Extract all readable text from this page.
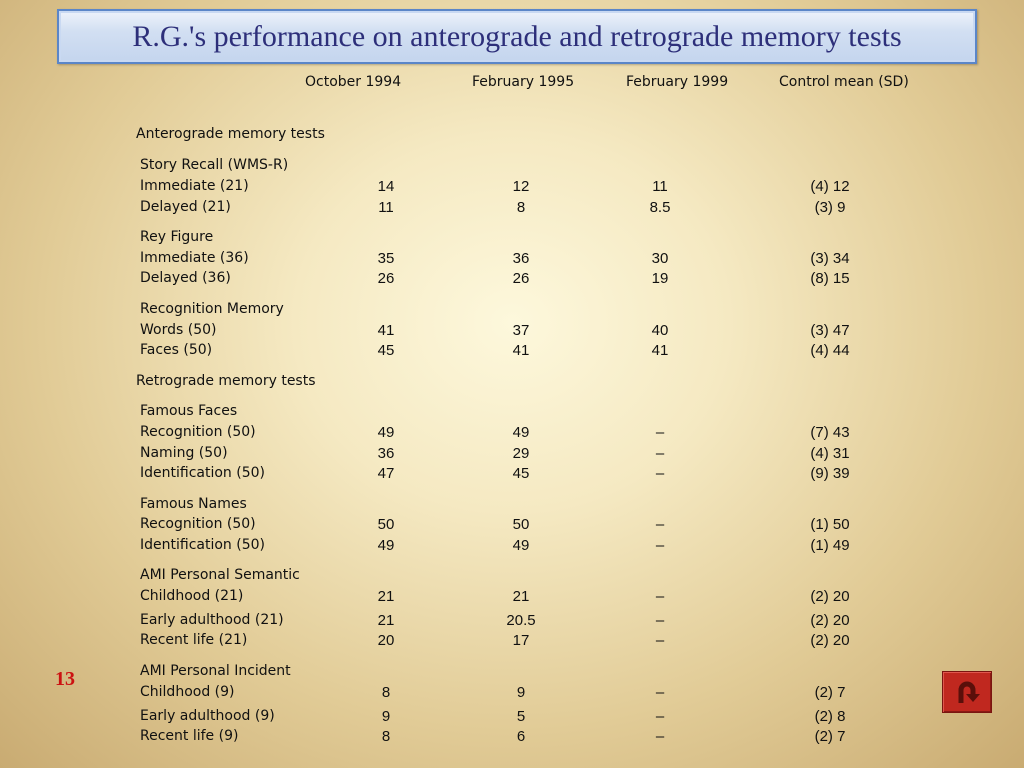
R.G.'s performance on anterograde and retrograde memory tests
October 1994	February 1995	February 1999	Control mean (SD)
Anterograde memory tests
Story Recall (WMS-R)
Immediate (21)	14	12	11	(4) 12
Delayed (21)	11	8	8.5	(3) 9
Rey Figure
Immediate (36)	35	36	30	(3) 34
Delayed (36)	26	26	19	(8) 15
Recognition Memory
Words (50)	41	37	40	(3) 47
Faces (50)	45	41	41	(4) 44
Retrograde memory tests
Famous Faces
Recognition (50)	49	49	–	(7) 43
Naming (50)	36	29	–	(4) 31
Identification (50)	47	45	–	(9) 39
Famous Names
Recognition (50)	50	50	–	(1) 50
Identification (50)	49	49	–	(1) 49
AMI Personal Semantic
Childhood (21)	21	21	–	(2) 20
Early adulthood (21)	21	20.5	–	(2) 20
Recent life (21)	20	17	–	(2) 20
AMI Personal Incident
Childhood (9)	8	9	–	(2) 7
Early adulthood (9)	9	5	–	(2) 8
Recent life (9)	8	6	–	(2) 7
13
